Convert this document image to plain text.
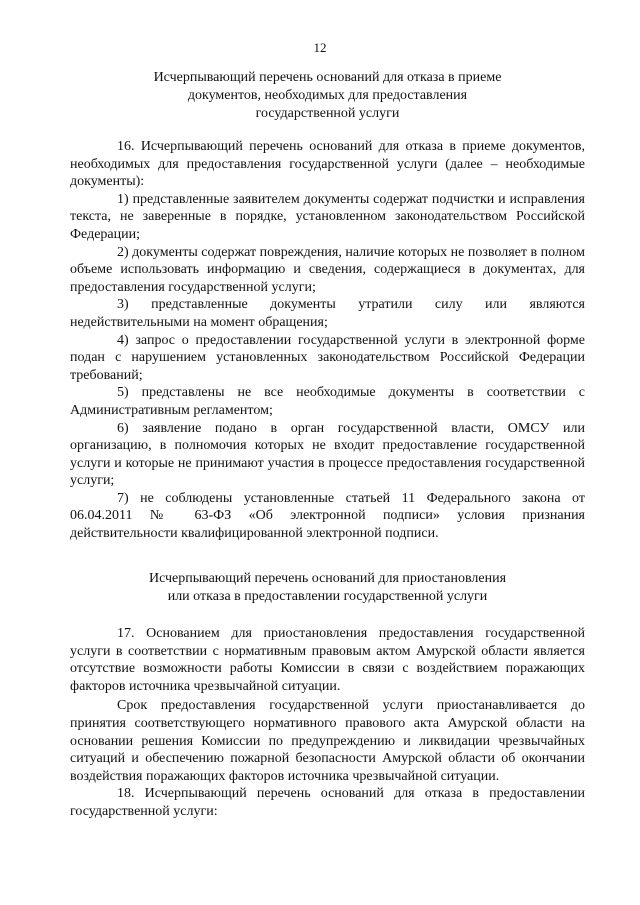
12
Исчерпывающий перечень оснований для отказа в приеме
документов, необходимых для предоставления
государственной услуги

16. Исчерпывающий перечень оснований для отказа в приеме документов, необходимых для предоставления государственной услуги (далее – необходимые документы):

1) представленные заявителем документы содержат подчистки и исправления текста, не заверенные в порядке, установленном законодательством Российской Федерации;

2) документы содержат повреждения, наличие которых не позволяет в полном объеме использовать информацию и сведения, содержащиеся в документах, для предоставления государственной услуги;

3) представленные документы утратили силу или являются недействительными на момент обращения;

4) запрос о предоставлении государственной услуги в электронной форме подан с нарушением установленных законодательством Российской Федерации требований;

5) представлены не все необходимые документы в соответствии с Административным регламентом;

6) заявление подано в орган государственной власти, ОМСУ или организацию, в полномочия которых не входит предоставление государственной услуги и которые не принимают участия в процессе предоставления государственной услуги;

7) не соблюдены установленные статьей 11 Федерального закона от 06.04.2011 № 63-ФЗ «Об электронной подписи» условия признания действительности квалифицированной электронной подписи.

Исчерпывающий перечень оснований для приостановления
или отказа в предоставлении государственной услуги

17. Основанием для приостановления предоставления государственной услуги в соответствии с нормативным правовым актом Амурской области является отсутствие возможности работы Комиссии в связи с воздействием поражающих факторов источника чрезвычайной ситуации.

Срок предоставления государственной услуги приостанавливается до принятия соответствующего нормативного правового акта Амурской области на основании решения Комиссии по предупреждению и ликвидации чрезвычайных ситуаций и обеспечению пожарной безопасности Амурской области об окончании воздействия поражающих факторов источника чрезвычайной ситуации.

18. Исчерпывающий перечень оснований для отказа в предоставлении государственной услуги:
